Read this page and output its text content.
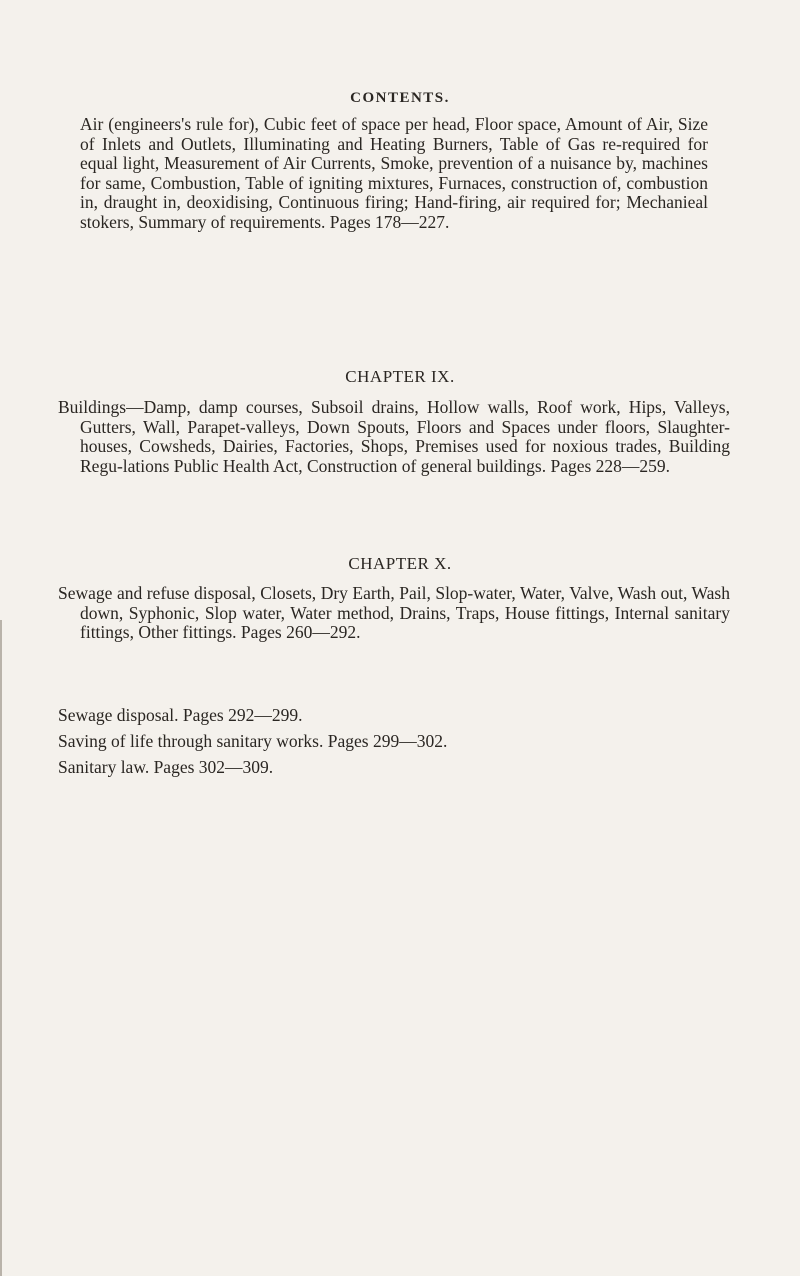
CONTENTS.
Air (engineers's rule for), Cubic feet of space per head, Floor space, Amount of Air, Size of Inlets and Outlets, Illuminating and Heating Burners, Table of Gas re-required for equal light, Measurement of Air Currents, Smoke, prevention of a nuisance by, machines for same, Combustion, Table of igniting mixtures, Furnaces, construction of, combustion in, draught in, deoxidising, Continuous firing; Hand-firing, air required for; Mechanieal stokers, Summary of requirements. Pages 178—227.
CHAPTER IX.
Buildings—Damp, damp courses, Subsoil drains, Hollow walls, Roof work, Hips, Valleys, Gutters, Wall, Parapet-valleys, Down Spouts, Floors and Spaces under floors, Slaughter-houses, Cowsheds, Dairies, Factories, Shops, Premises used for noxious trades, Building Regu-lations Public Health Act, Construction of general buildings. Pages 228—259.
CHAPTER X.
Sewage and refuse disposal, Closets, Dry Earth, Pail, Slop-water, Water, Valve, Wash out, Wash down, Syphonic, Slop water, Water method, Drains, Traps, House fittings, Internal sanitary fittings, Other fittings. Pages 260—292.
Sewage disposal. Pages 292—299.
Saving of life through sanitary works. Pages 299—302.
Sanitary law. Pages 302—309.
